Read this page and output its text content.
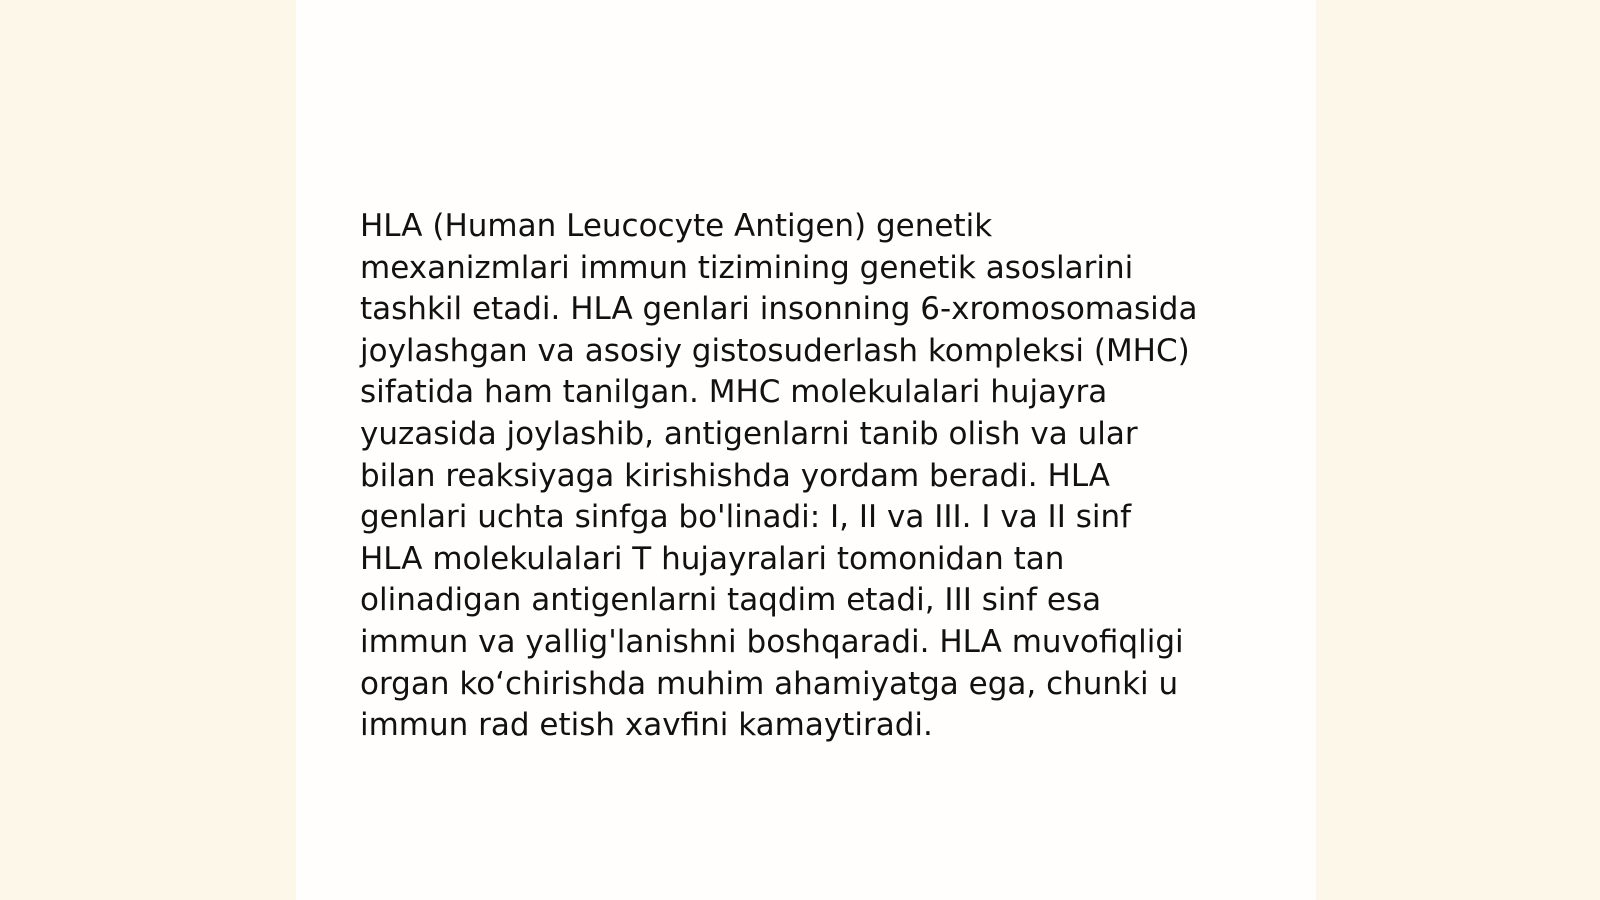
HLA (Human Leucocyte Antigen) genetik
mexanizmlari immun tizimining genetik asoslarini
tashkil etadi. HLA genlari insonning 6-xromosomasida
joylashgan va asosiy gistosuderlash kompleksi (MHC)
sifatida ham tanilgan. MHC molekulalari hujayra
yuzasida joylashib, antigenlarni tanib olish va ular
bilan reaksiyaga kirishishda yordam beradi. HLA
genlari uchta sinfga bo'linadi: I, II va III. I va II sinf
HLA molekulalari T hujayralari tomonidan tan
olinadigan antigenlarni taqdim etadi, III sinf esa
immun va yallig'lanishni boshqaradi. HLA muvofiqligi
organ ko‘chirishda muhim ahamiyatga ega, chunki u
immun rad etish xavfini kamaytiradi.
